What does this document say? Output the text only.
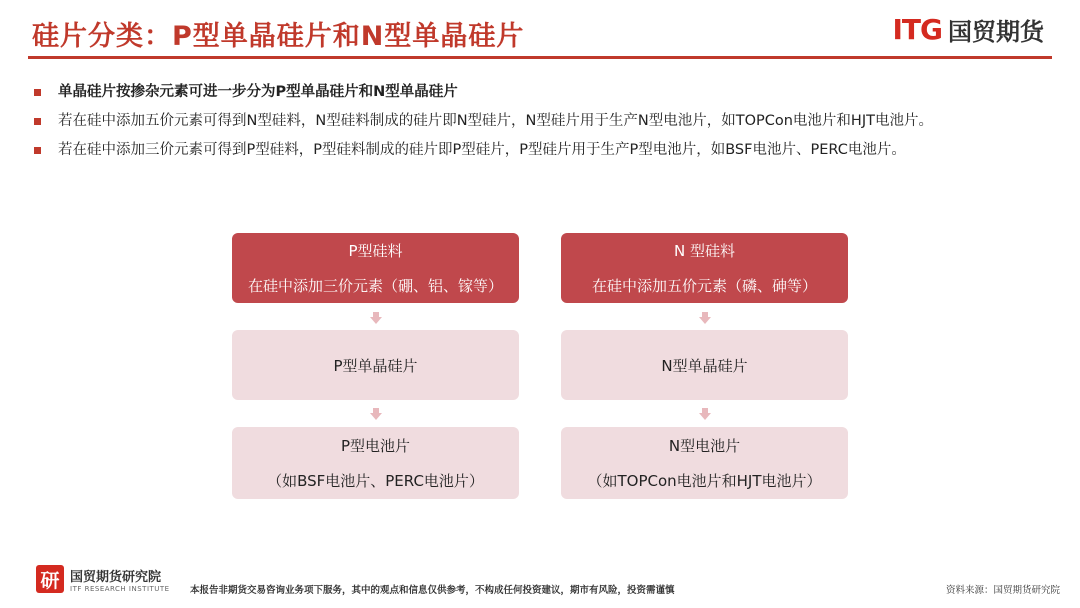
硅片分类：P型单晶硅片和N型单晶硅片	ITG 国贸期货
单晶硅片按掺杂元素可进一步分为P型单晶硅片和N型单晶硅片
若在硅中添加五价元素可得到N型硅料，N型硅料制成的硅片即N型硅片，N型硅片用于生产N型电池片，如TOPCon电池片和HJT电池片。
若在硅中添加三价元素可得到P型硅料，P型硅料制成的硅片即P型硅片，P型硅片用于生产P型电池片，如BSF电池片、PERC电池片。
P型硅料
在硅中添加三价元素（硼、铝、镓等）
P型单晶硅片
P型电池片
（如BSF电池片、PERC电池片）
N 型硅料
在硅中添加五价元素（磷、砷等）
N型单晶硅片
N型电池片
（如TOPCon电池片和HJT电池片）
研 国贸期货研究院
ITF RESEARCH INSTITUTE 本报告非期货交易咨询业务项下服务，其中的观点和信息仅供参考，不构成任何投资建议，期市有风险，投资需谨慎	资料来源：国贸期货研究院
